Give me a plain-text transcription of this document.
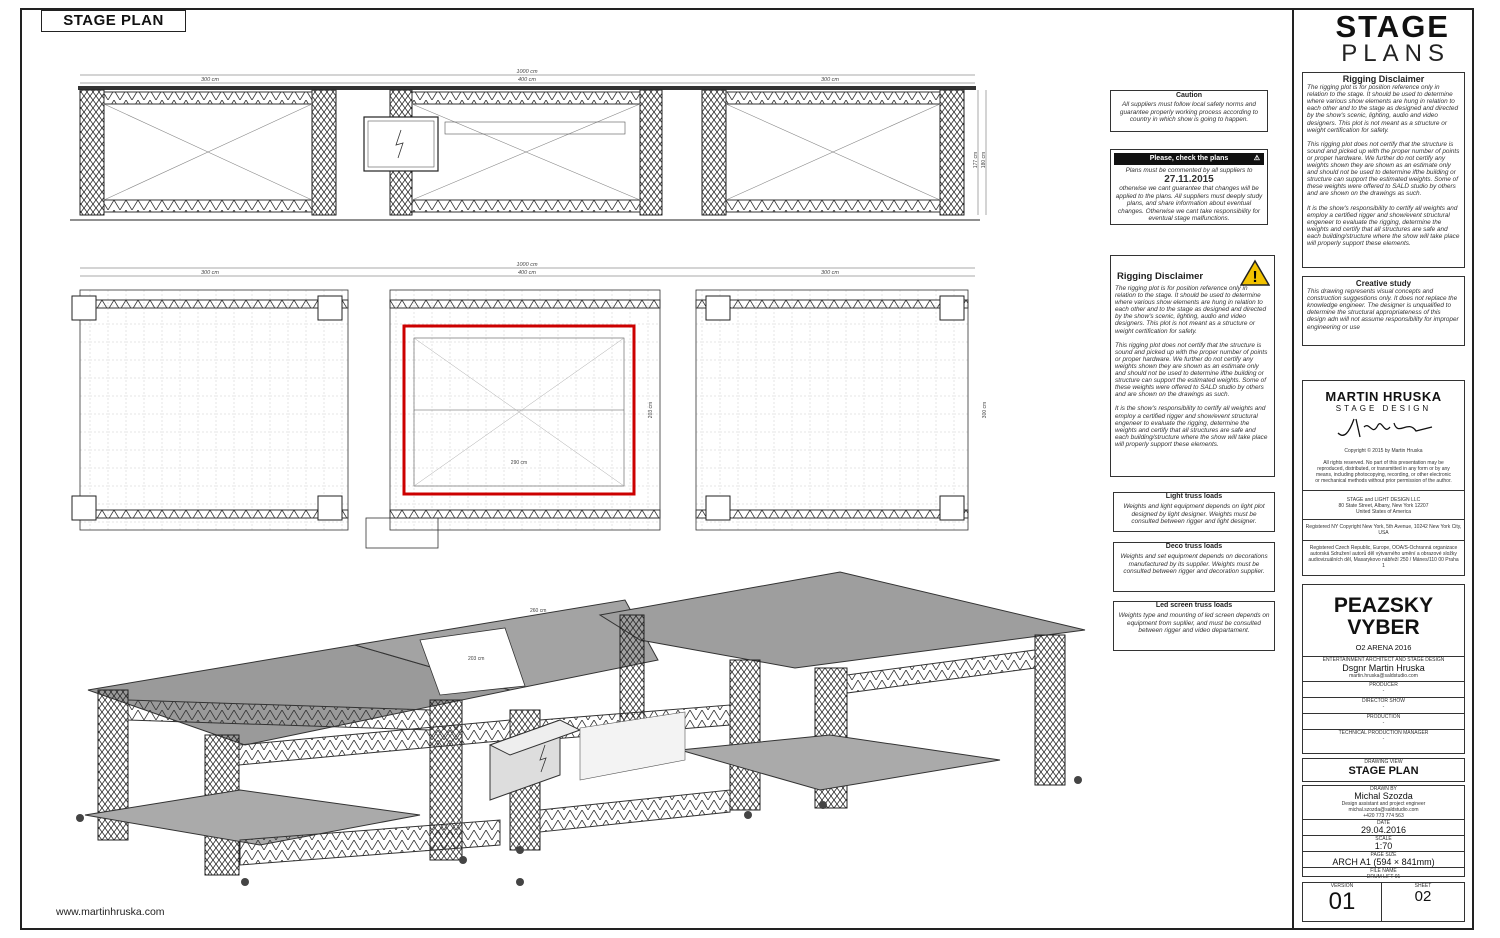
STAGE PLAN
www.martinhruska.com
STAGE
PLANS
1000 cm
300 cm	400 cm	300 cm
177 cm 180 cm
1000 cm
300 cm	400 cm	300 cm
290 cm
203 cm	300 cm
260 cm
203 cm
Caution
All suppliers must follow local safety norms and guarantee properly working process according to country in which show is going to happen.
Please, check the plans	⚠
Plans must be commented by all suppliers to
27.11.2015
otherwise we cant guarantee that changes will be applied to the plans. All suppliers must deeply study plans, and share information about eventual changes. Otherwise we cant take responsibility for eventual stage malfunctions.
Rigging Disclaimer	!
The rigging plot is for position reference only in relation to the stage. It should be used to determine where various show elements are hung in relation to each other and to the stage as designed and directed by the show's scenic, lighting, audio and video designers. This plot is not meant as a structure or weight certification for safety.
This rigging plot does not certify that the structure is sound and picked up with the proper number of points or proper hardware. We further do not certify any weights shown they are shown as an estimate only and should not be used to determine ifthe building or structure can support the estimated weights. Some of these weights were offered to SALD studio by others and are shown on the drawings as such.
It is the show's responsibility to certify all weights and employ a certified rigger and show/event structural engeneer to evaluate the rigging, determine the weights and certify that all structures are safe and each building/structure where the show will take place will properly support these elements.
Light truss loads
Weights and light equipment depends on light plot designed by light designer. Weights must be consulted between rigger and light designer.
Deco truss loads
Weights and set equipment depends on decorations manufactured by its supplier. Weights must be consulted between rigger and decoration supplier.
Led screen truss loads
Weights type and mounting of led screen depends on equipment from supllier, and must be consulted between rigger and video departament.
Rigging Disclaimer
The rigging plot is for position reference only in relation to the stage. It should be used to determine where various show elements are hung in relation to each other and to the stage as designed and directed by the show's scenic, lighting, audio and video designers. This plot is not meant as a structure or weight certification for safety.
This rigging plot does not certify that the structure is sound and picked up with the proper number of points or proper hardware. We further do not certify any weights shown they are shown as an estimate only and should not be used to determine ifthe building or structure can support the estimated weights. Some of these weights were offered to SALD studio by others and are shown on the drawings as such.
It is the show's responsibility to certify all weights and employ a certified rigger and show/event structural engeneer to evaluate the rigging, determine the weights and certify that all structures are safe and each building/structure where the show will take place will properly support these elements.
Creative study
This drawing represents visual concepts and construction suggestions only. It does not replace the knowledge engineer. The designer is unqualified to determine the structural appropriateness of this design adn will not assume responsibility for improper engineering or use
MARTIN HRUSKA
STAGE DESIGN
Copyright © 2015 by Martin Hruska
All rights reserved. No part of this presentation may be reproduced, distributed, or transmitted in any form or by any means, including photocopying, recording, or other electronic or mechanical methods without prior permission of the author.
STAGE and LIGHT DESIGN LLC
80 State Street, Albany, New York 12207
United States of America
Registered NY Copyright New York, 5th Avenue, 10242 New York City, USA
Registered Czech Republic, Europe, OOA/S-Ochranná organizace autorská Sdružení autorů děl výtvarného umění a obrazové složky audiovizuálních děl, Masarykovo nábřeží 250 / Mánes/110 00 Praha 1
PEAZSKY
VYBER
O2 ARENA 2016
ENTERTAINMENT ARCHITECT AND STAGE DESIGN
Dsgnr Martin Hruska
martin.hruska@saldstudio.com
PRODUCER
-
DIRECTOR SHOW
-
PRODUCTION
-
TECHNICAL PRODUCTION MANAGER
-
DRAWING VIEW
STAGE PLAN
DRAWN BY
Michal Szozda
Design assistant and project engineer
michal.szozda@saldstudio.com
+420 773 774 563
DATE
29.04.2016
SCALE
1:70
PAGE SIZE
ARCH A1 (594 × 841mm)
FILE NAME
DRUM LIFT 01
VERSION
01
SHEET
02
